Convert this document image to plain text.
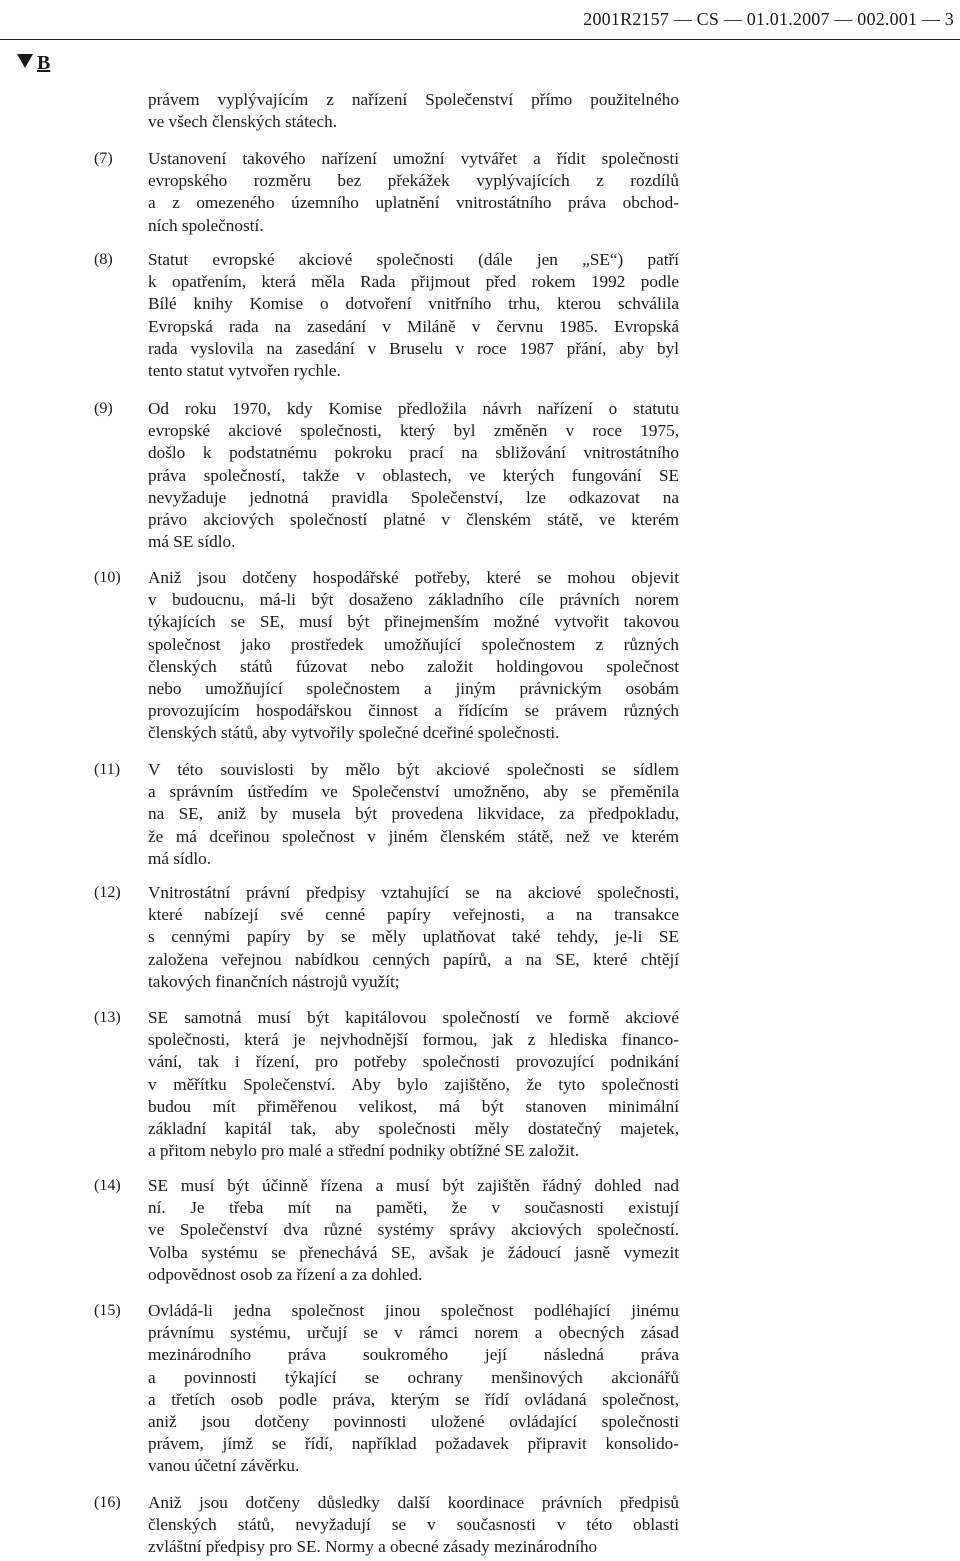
2001R2157 — CS — 01.01.2007 — 002.001 — 3
B
právem vyplývajícím z nařízení Společenství přímo použitelného
ve všech členských státech.
(7) Ustanovení takového nařízení umožní vytvářet a řídit společnosti
evropského rozměru bez překážek vyplývajících z rozdílů
a z omezeného územního uplatnění vnitrostátního práva obchod-
ních společností.
(8) Statut evropské akciové společnosti (dále jen „SE“) patří
k opatřením, která měla Rada přijmout před rokem 1992 podle
Bílé knihy Komise o dotvoření vnitřního trhu, kterou schválila
Evropská rada na zasedání v Miláně v červnu 1985. Evropská
rada vyslovila na zasedání v Bruselu v roce 1987 přání, aby byl
tento statut vytvořen rychle.
(9) Od roku 1970, kdy Komise předložila návrh nařízení o statutu
evropské akciové společnosti, který byl změněn v roce 1975,
došlo k podstatnému pokroku prací na sbližování vnitrostátního
práva společností, takže v oblastech, ve kterých fungování SE
nevyžaduje jednotná pravidla Společenství, lze odkazovat na
právo akciových společností platné v členském státě, ve kterém
má SE sídlo.
(10) Aniž jsou dotčeny hospodářské potřeby, které se mohou objevit
v budoucnu, má-li být dosaženo základního cíle právních norem
týkajících se SE, musí být přinejmenším možné vytvořit takovou
společnost jako prostředek umožňující společnostem z různých
členských států fúzovat nebo založit holdingovou společnost
nebo umožňující společnostem a jiným právnickým osobám
provozujícím hospodářskou činnost a řídícím se právem různých
členských států, aby vytvořily společné dceřiné společnosti.
(11) V této souvislosti by mělo být akciové společnosti se sídlem
a správním ústředím ve Společenství umožněno, aby se přeměnila
na SE, aniž by musela být provedena likvidace, za předpokladu,
že má dceřinou společnost v jiném členském státě, než ve kterém
má sídlo.
(12) Vnitrostátní právní předpisy vztahující se na akciové společnosti,
které nabízejí své cenné papíry veřejnosti, a na transakce
s cennými papíry by se měly uplatňovat také tehdy, je-li SE
založena veřejnou nabídkou cenných papírů, a na SE, které chtějí
takových finančních nástrojů využít;
(13) SE samotná musí být kapitálovou společností ve formě akciové
společnosti, která je nejvhodnější formou, jak z hlediska financo-
vání, tak i řízení, pro potřeby společnosti provozující podnikání
v měřítku Společenství. Aby bylo zajištěno, že tyto společnosti
budou mít přiměřenou velikost, má být stanoven minimální
základní kapitál tak, aby společnosti měly dostatečný majetek,
a přitom nebylo pro malé a střední podniky obtížné SE založit.
(14) SE musí být účinně řízena a musí být zajištěn řádný dohled nad
ní. Je třeba mít na paměti, že v současnosti existují
ve Společenství dva různé systémy správy akciových společností.
Volba systému se přenechává SE, avšak je žádoucí jasně vymezit
odpovědnost osob za řízení a za dohled.
(15) Ovládá-li jedna společnost jinou společnost podléhající jinému
právnímu systému, určují se v rámci norem a obecných zásad
mezinárodního práva soukromého její následná práva
a povinnosti týkající se ochrany menšinových akcionářů
a třetích osob podle práva, kterým se řídí ovládaná společnost,
aniž jsou dotčeny povinnosti uložené ovládající společnosti
právem, jímž se řídí, například požadavek připravit konsolido-
vanou účetní závěrku.
(16) Aniž jsou dotčeny důsledky další koordinace právních předpisů
členských států, nevyžadují se v současnosti v této oblasti
zvláštní předpisy pro SE. Normy a obecné zásady mezinárodního
